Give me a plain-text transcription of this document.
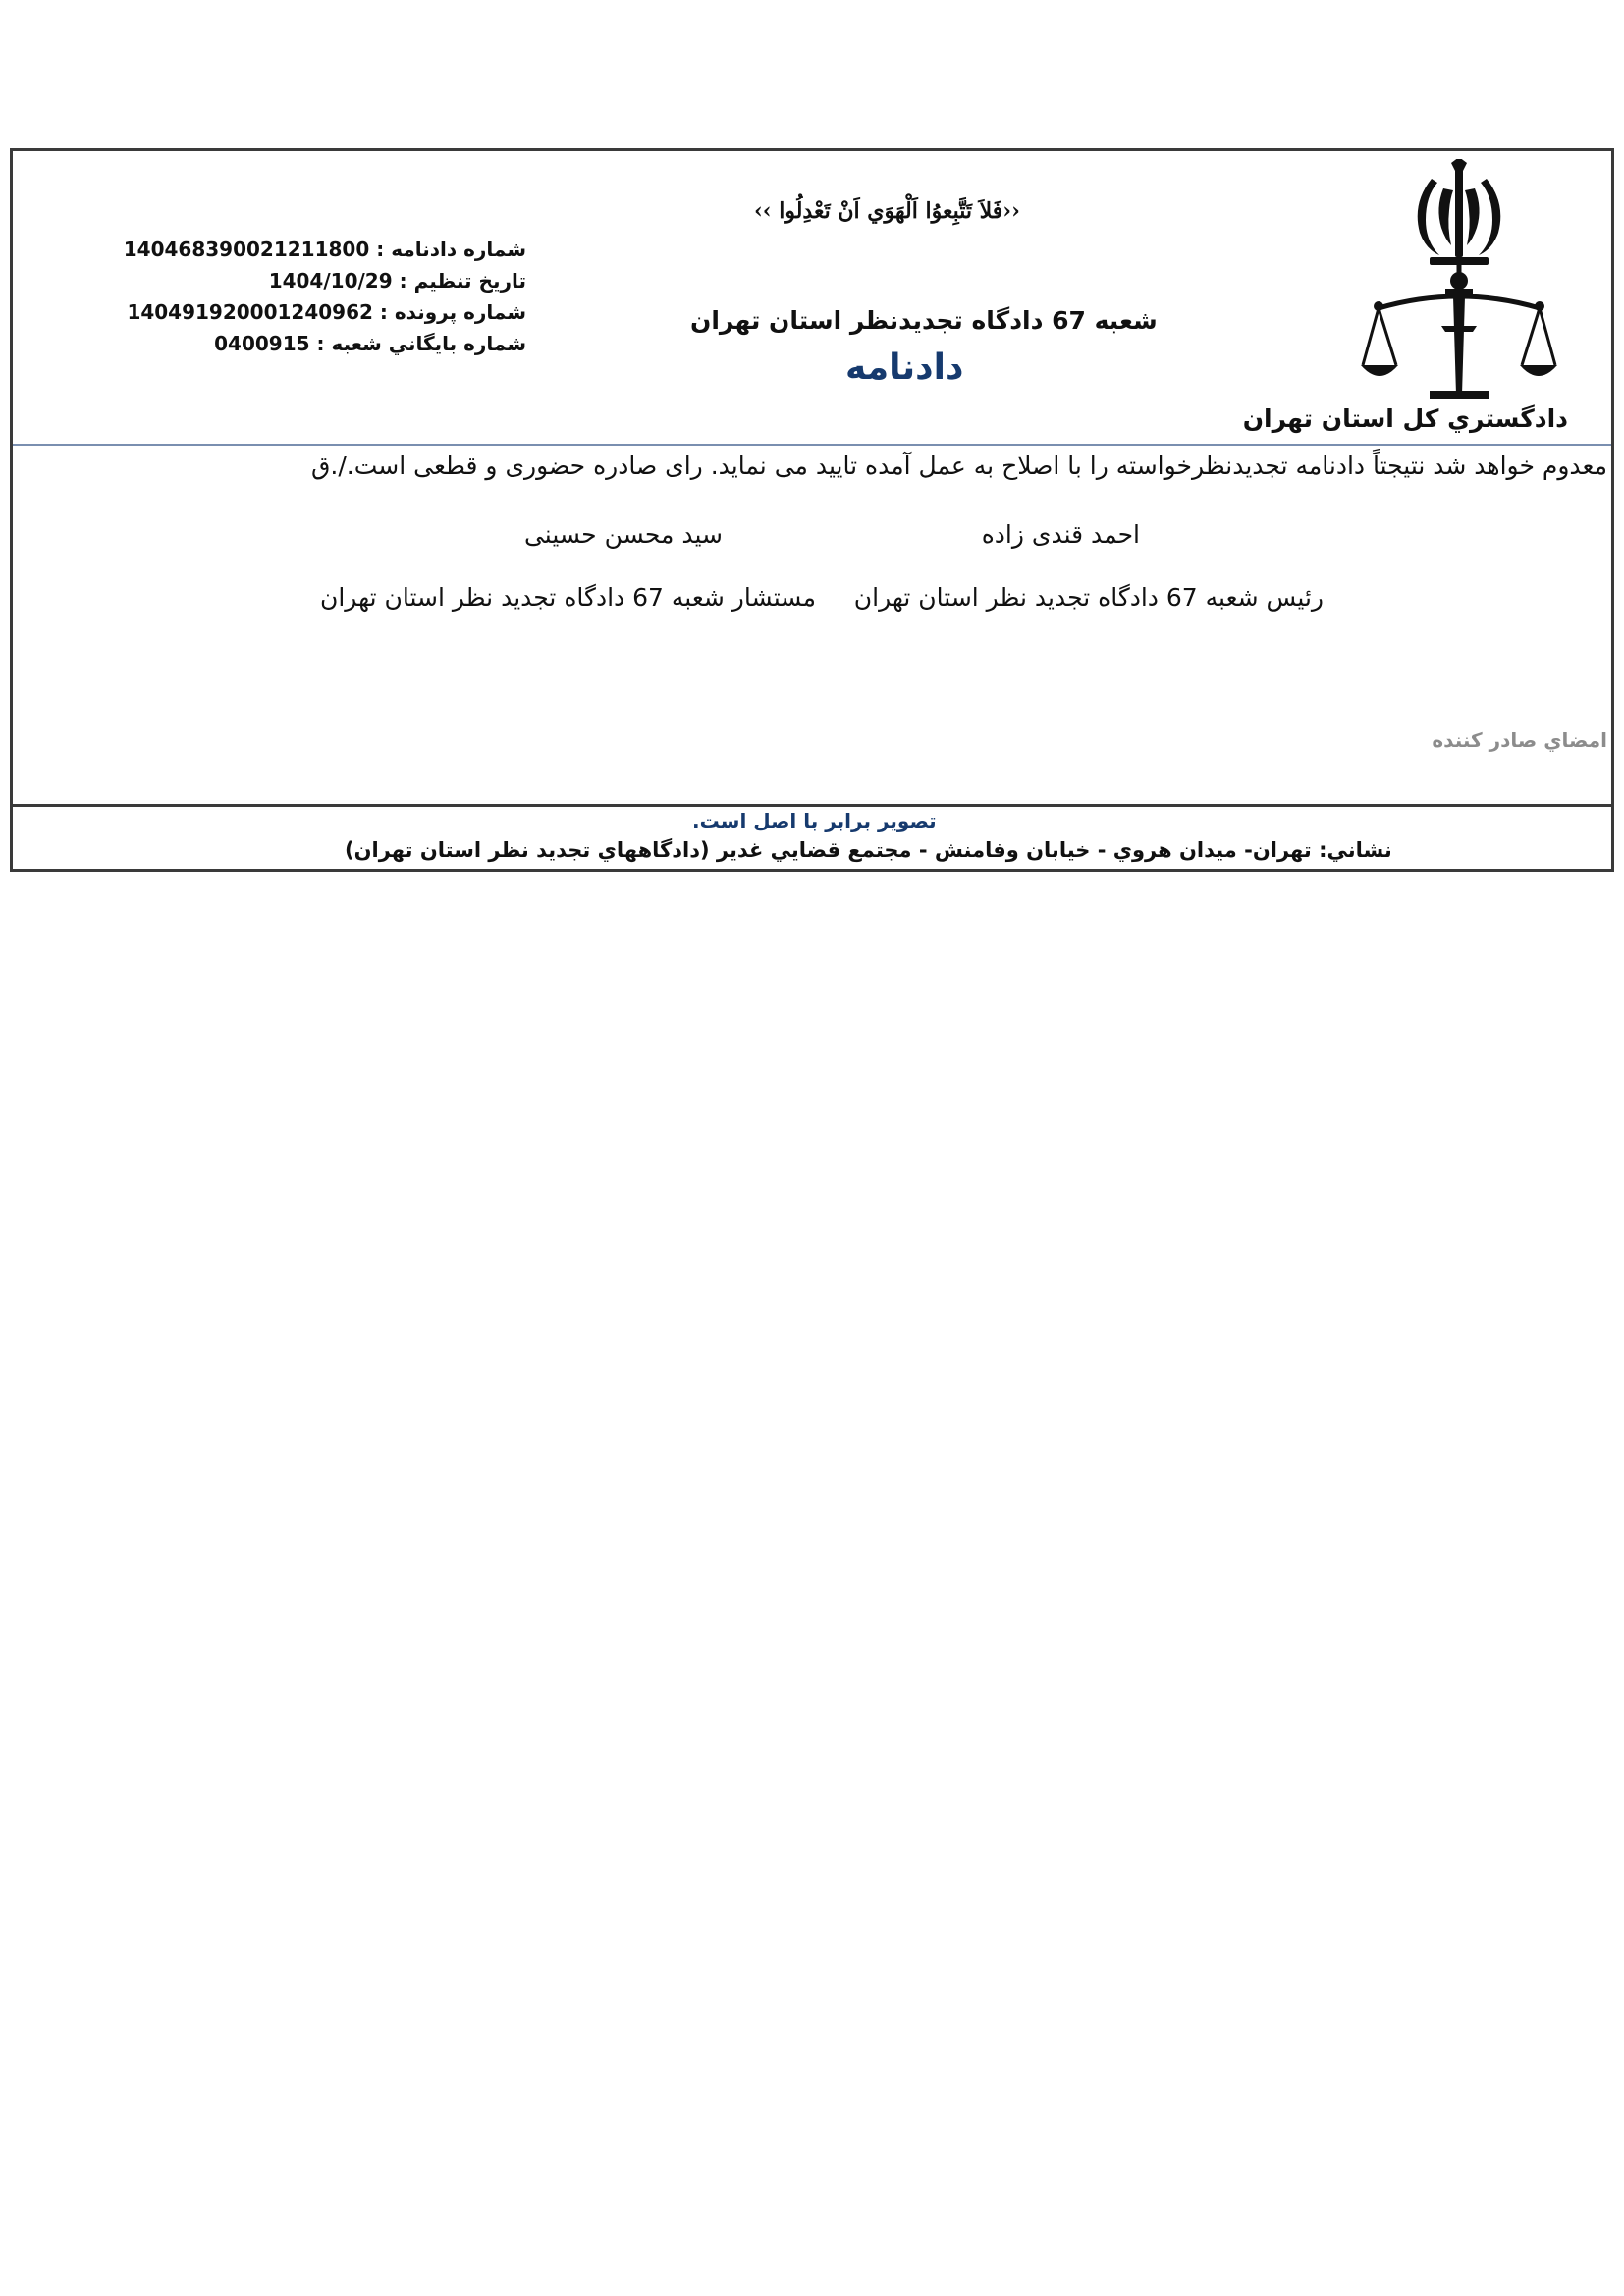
دادگستري كل استان تهران
‹‹فَلاَ تَتَّبِعوُا اَلْهَوَي اَنْ تَعْدِلُوا ››
شعبه 67 دادگاه تجديدنظر استان تهران
دادنامه
شماره دادنامه : 140468390021211800
تاريخ تنظيم : 1404/10/29
شماره پرونده : 140491920001240962
شماره بايگاني شعبه : 0400915
معدوم خواهد شد نتیجتاً دادنامه تجدیدنظرخواسته را با اصلاح به عمل آمده تایید می نماید. رای صادره حضوری و قطعی است./.ق
احمد قندی زاده
سید محسن حسینی
رئیس شعبه 67 دادگاه تجدید نظر استان تهران
مستشار شعبه 67 دادگاه تجدید نظر استان تهران
امضاي صادر كننده
تصوير برابر با اصل است.
نشاني: تهران- ميدان هروي - خيابان وفامنش - مجتمع قضايي غدير (دادگاههاي تجديد نظر استان تهران)
